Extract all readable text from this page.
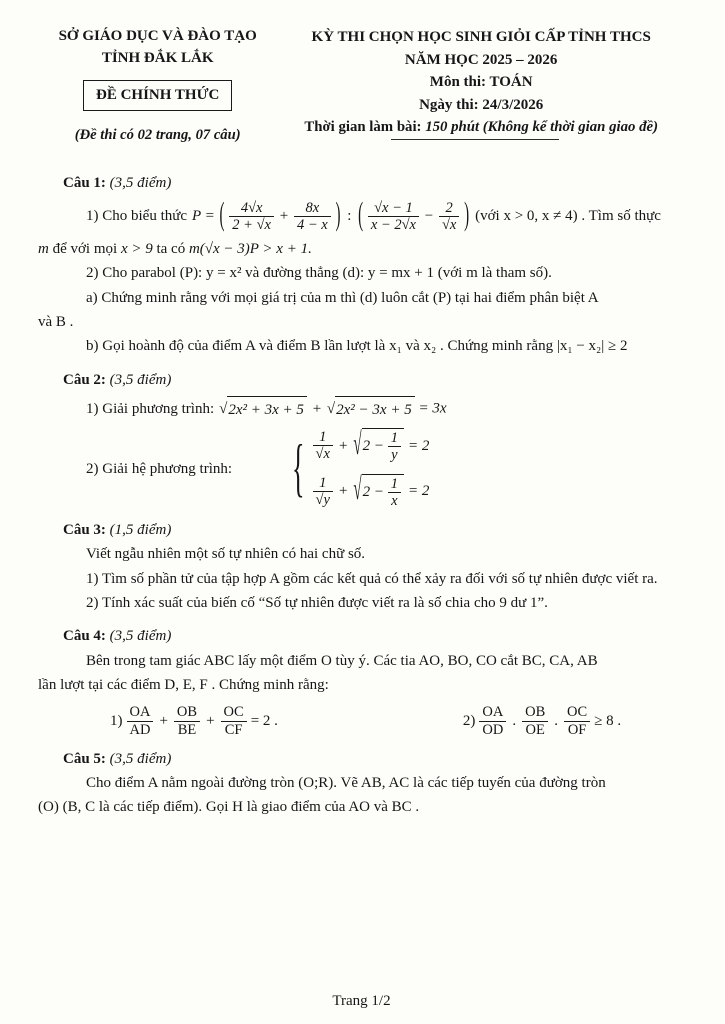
SỞ GIÁO DỤC VÀ ĐÀO TẠO
TỈNH ĐẮK LẮK
ĐỀ CHÍNH THỨC
(Đề thi có 02 trang, 07 câu)
KỲ THI CHỌN HỌC SINH GIỎI CẤP TỈNH THCS
NĂM HỌC 2025 – 2026
Môn thi: TOÁN
Ngày thi: 24/3/2026
Thời gian làm bài: 150 phút (Không kể thời gian giao đề)
Câu 1: (3,5 điểm)
1) Cho biểu thức P = ( $\frac{4√x}{2 + √x} + \frac{8x}{4 - x}$ ) : ( $\frac{√x - 1}{x - 2√x} - \frac{2}{√x}$ ) (với x > 0, x ≠ 4) . Tìm số thực
m để với mọi x > 9 ta có m(√x − 3)P > x + 1.
2) Cho parabol (P): y = x² và đường thẳng (d): y = mx + 1 (với m là tham số).
a) Chứng minh rằng với mọi giá trị của m thì (d) luôn cắt (P) tại hai điểm phân biệt A
và B .
b) Gọi hoành độ của điểm A và điểm B lần lượt là x₁ và x₂ . Chứng minh rằng |x₁ − x₂| ≥ 2
Câu 2: (3,5 điểm)
1) Giải phương trình: √2x² + 3x + 5 + √2x² − 3x + 5 = 3x
2) Giải hệ phương trình: { $\frac{1}{√x} + √2 - \frac{1}{y} = 2$
$\frac{1}{√y} + √2 - \frac{1}{x} = 2$
Câu 3: (1,5 điểm)
Viết ngẫu nhiên một số tự nhiên có hai chữ số.
1) Tìm số phần tử của tập hợp A gồm các kết quả có thể xảy ra đối với số tự nhiên được viết ra.
2) Tính xác suất của biến cố “Số tự nhiên được viết ra là số chia cho 9 dư 1”.
Câu 4: (3,5 điểm)
Bên trong tam giác ABC lấy một điểm O tùy ý. Các tia AO, BO, CO cắt BC, CA, AB
lần lượt tại các điểm D, E, F . Chứng minh rằng:
$1) \frac{OA}{AD} + \frac{OB}{BE} + \frac{OC}{CF} = 2$ .	$2) \frac{OA}{OD}$ . $\frac{OB}{OE}$ . $\frac{OC}{OF} \ge 8$ .
Câu 5: (3,5 điểm)
Cho điểm A nằm ngoài đường tròn (O;R). Vẽ AB, AC là các tiếp tuyến của đường tròn
(O) (B, C là các tiếp điểm). Gọi H là giao điểm của AO và BC .
Trang 1/2
